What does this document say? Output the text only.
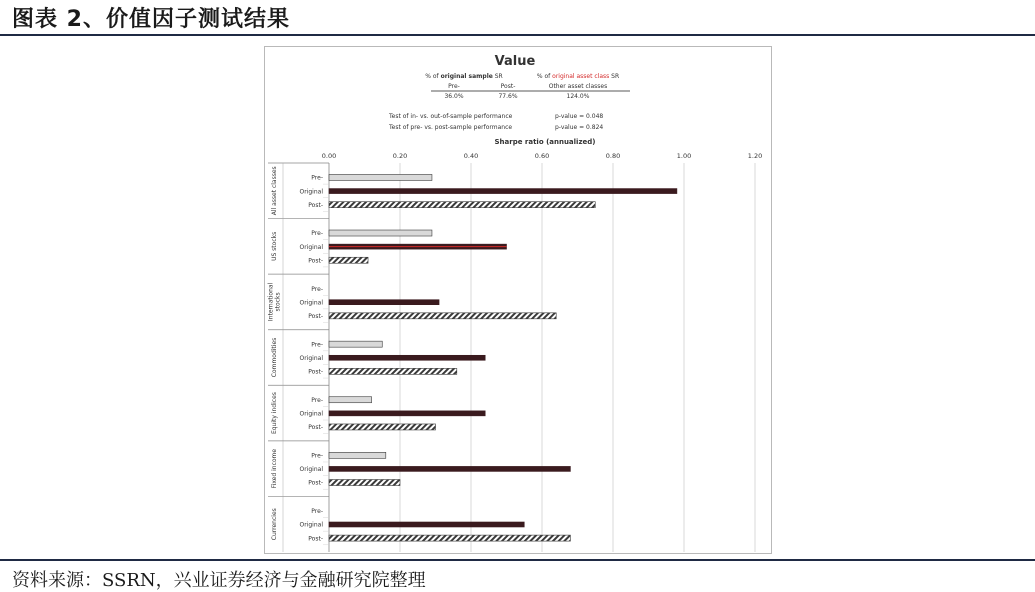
图表 2、价值因子测试结果
Value
% of original sample SR	% of original asset class SR
Pre-	Post-	Other asset classes
36.0%	77.6%	124.0%
Test of in- vs. out-of-sample performance	p-value = 0.048
Test of pre- vs. post-sample performance	p-value = 0.824
Sharpe ratio (annualized)
0.00	0.20	0.40	0.60	0.80	1.00	1.20
All asset classes
US stocks
International stocks
Commodities
Equity indices
Fixed income
Currencies
Pre-
Original
Post-
Pre-
Original
Post-
Pre-
Original
Post-
Pre-
Original
Post-
Pre-
Original
Post-
Pre-
Original
Post-
Pre-
Original
Post-
资料来源：SSRN，兴业证券经济与金融研究院整理
